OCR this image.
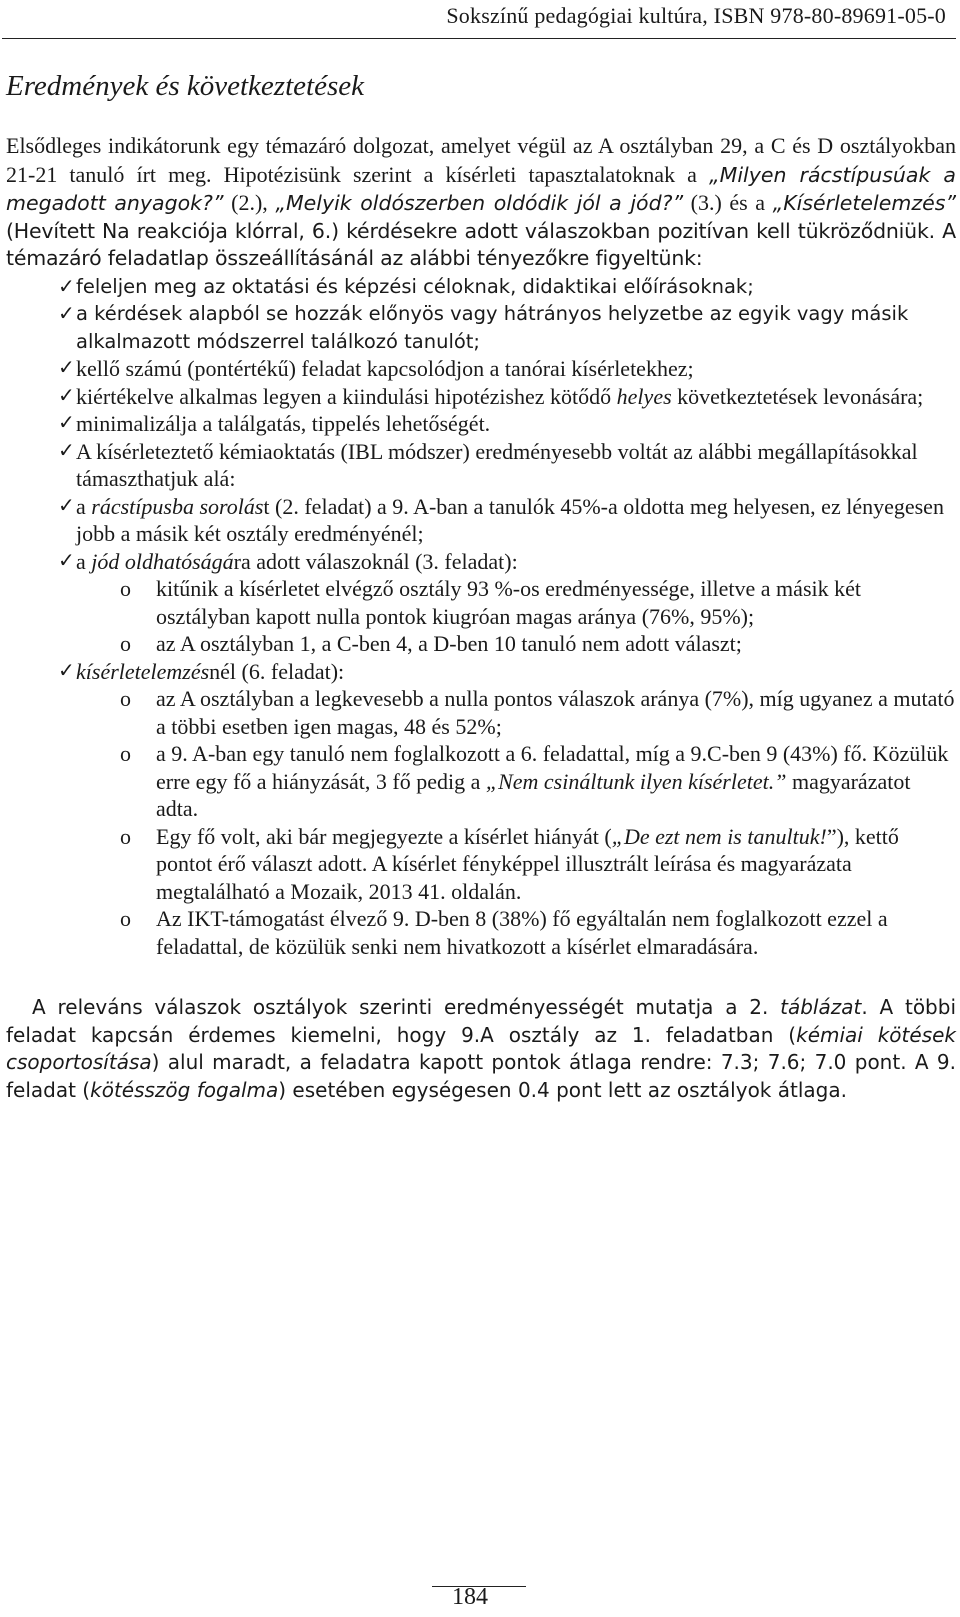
Sokszínű pedagógiai kultúra, ISBN 978-80-89691-05-0
Eredmények és következtetések

Elsődleges indikátorunk egy témazáró dolgozat, amelyet végül az A osztályban 29, a C és D osztályokban 21-21 tanuló írt meg. Hipotézisünk szerint a kísérleti tapasztalatoknak a „Milyen rácstípusúak a megadott anyagok?” (2.), „Melyik oldószerben oldódik jól a jód?” (3.) és a „Kísérletelemzés” (Hevített Na reakciója klórral, 6.) kérdésekre adott válaszokban pozitívan kell tükröződniük. A témazáró feladatlap összeállításánál az alábbi tényezőkre figyeltünk:

✓ feleljen meg az oktatási és képzési céloknak, didaktikai előírásoknak;
✓ a kérdések alapból se hozzák előnyös vagy hátrányos helyzetbe az egyik vagy másik alkalmazott módszerrel találkozó tanulót;
✓ kellő számú (pontértékű) feladat kapcsolódjon a tanórai kísérletekhez;
✓ kiértékelve alkalmas legyen a kiindulási hipotézishez kötődő helyes következtetések levonására;
✓ minimalizálja a találgatás, tippelés lehetőségét.
✓ A kísérleteztető kémiaoktatás (IBL módszer) eredményesebb voltát az alábbi megállapításokkal támaszthatjuk alá:
✓ a rácstípusba sorolást (2. feladat) a 9. A-ban a tanulók 45%-a oldotta meg helyesen, ez lényegesen jobb a másik két osztály eredményénél;
✓ a jód oldhatóságára adott válaszoknál (3. feladat):
o kitűnik a kísérletet elvégző osztály 93 %-os eredményessége, illetve a másik két osztályban kapott nulla pontok kiugróan magas aránya (76%, 95%);
o az A osztályban 1, a C-ben 4, a D-ben 10 tanuló nem adott választ;
✓ kísérletelemzésnél (6. feladat):
o az A osztályban a legkevesebb a nulla pontos válaszok aránya (7%), míg ugyanez a mutató a többi esetben igen magas, 48 és 52%;
o a 9. A-ban egy tanuló nem foglalkozott a 6. feladattal, míg a 9.C-ben 9 (43%) fő. Közülük erre egy fő a hiányzását, 3 fő pedig a „Nem csináltunk ilyen kísérletet.” magyarázatot adta.
o Egy fő volt, aki bár megjegyezte a kísérlet hiányát („De ezt nem is tanultuk!”), kettő pontot érő választ adott. A kísérlet fényképpel illusztrált leírása és magyarázata megtalálható a Mozaik, 2013 41. oldalán.
o Az IKT-támogatást élvező 9. D-ben 8 (38%) fő egyáltalán nem foglalkozott ezzel a feladattal, de közülük senki nem hivatkozott a kísérlet elmaradására.

A releváns válaszok osztályok szerinti eredményességét mutatja a 2. táblázat. A többi feladat kapcsán érdemes kiemelni, hogy 9.A osztály az 1. feladatban (kémiai kötések csoportosítása) alul maradt, a feladatra kapott pontok átlaga rendre: 7.3; 7.6; 7.0 pont. A 9. feladat (kötésszög fogalma) esetében egységesen 0.4 pont lett az osztályok átlaga.

184
